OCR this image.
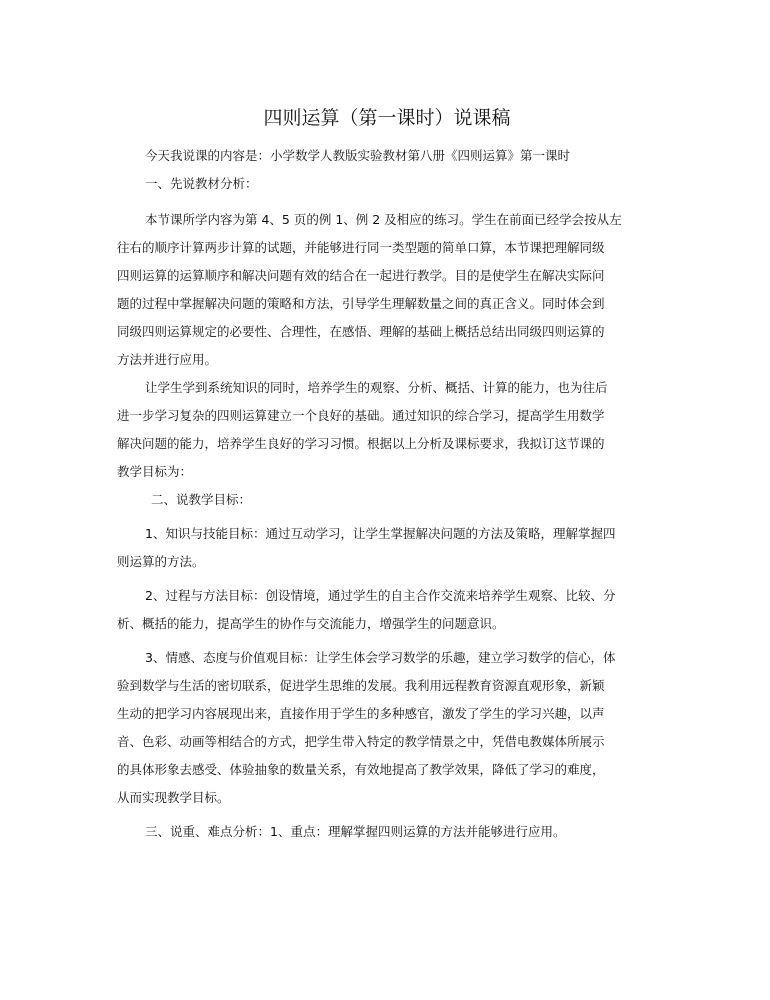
四则运算（第一课时）说课稿

今天我说课的内容是：小学数学人教版实验教材第八册《四则运算》第一课时

一、先说教材分析：

本节课所学内容为第 4、5 页的例 1、例 2 及相应的练习。学生在前面已经学会按从左

往右的顺序计算两步计算的试题，并能够进行同一类型题的简单口算，本节课把理解同级

四则运算的运算顺序和解决问题有效的结合在一起进行教学。目的是使学生在解决实际问

题的过程中掌握解决问题的策略和方法，引导学生理解数量之间的真正含义。同时体会到

同级四则运算规定的必要性、合理性，在感悟、理解的基础上概括总结出同级四则运算的

方法并进行应用。

让学生学到系统知识的同时，培养学生的观察、分析、概括、计算的能力，也为往后

进一步学习复杂的四则运算建立一个良好的基础。通过知识的综合学习，提高学生用数学

解决问题的能力，培养学生良好的学习习惯。根据以上分析及课标要求，我拟订这节课的

教学目标为：

二、说教学目标：

1、知识与技能目标：通过互动学习，让学生掌握解决问题的方法及策略，理解掌握四

则运算的方法。

2、过程与方法目标：创设情境，通过学生的自主合作交流来培养学生观察、比较、分

析、概括的能力，提高学生的协作与交流能力，增强学生的问题意识。

3、情感、态度与价值观目标：让学生体会学习数学的乐趣，建立学习数学的信心，体

验到数学与生活的密切联系，促进学生思维的发展。我利用远程教育资源直观形象，新颖

生动的把学习内容展现出来，直接作用于学生的多种感官，激发了学生的学习兴趣，以声

音、色彩、动画等相结合的方式，把学生带入特定的教学情景之中，凭借电教媒体所展示

的具体形象去感受、体验抽象的数量关系，有效地提高了教学效果，降低了学习的难度，

从而实现教学目标。

三、说重、难点分析：1、重点：理解掌握四则运算的方法并能够进行应用。
